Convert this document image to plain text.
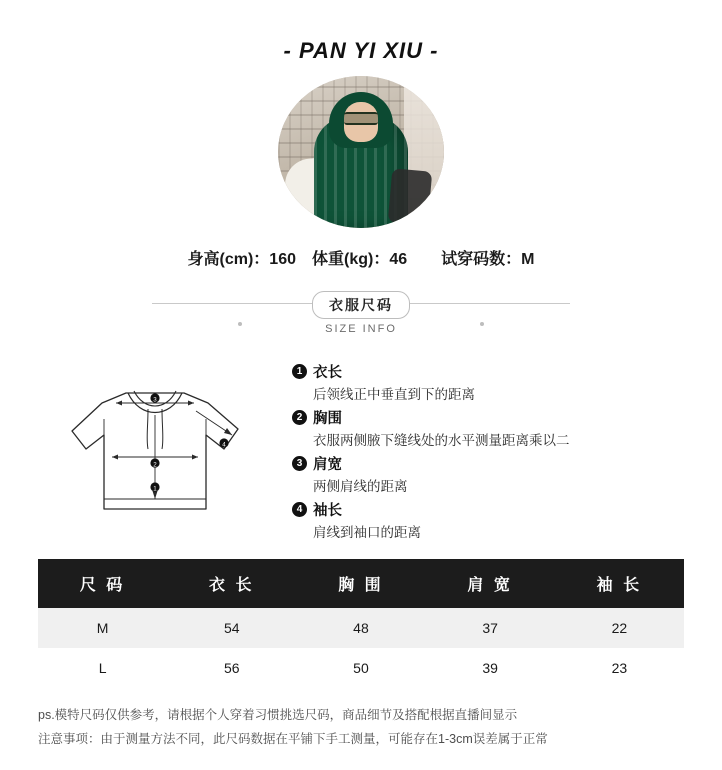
- PAN YI XIU -
身高(cm)：160 体重(kg)：46 试穿码数：M
衣服尺码
SIZE INFO
3
4
2
1
1 衣长
后领线正中垂直到下的距离
2 胸围
衣服两侧腋下缝线处的水平测量距离乘以二
3 肩宽
两侧肩线的距离
4 袖长
肩线到袖口的距离
尺 码	衣 长	胸 围	肩 宽	袖 长
M	54	48	37	22
L	56	50	39	23
ps.模特尺码仅供参考，请根据个人穿着习惯挑选尺码，商品细节及搭配根据直播间显示
注意事项：由于测量方法不同，此尺码数据在平铺下手工测量，可能存在1-3cm误差属于正常
